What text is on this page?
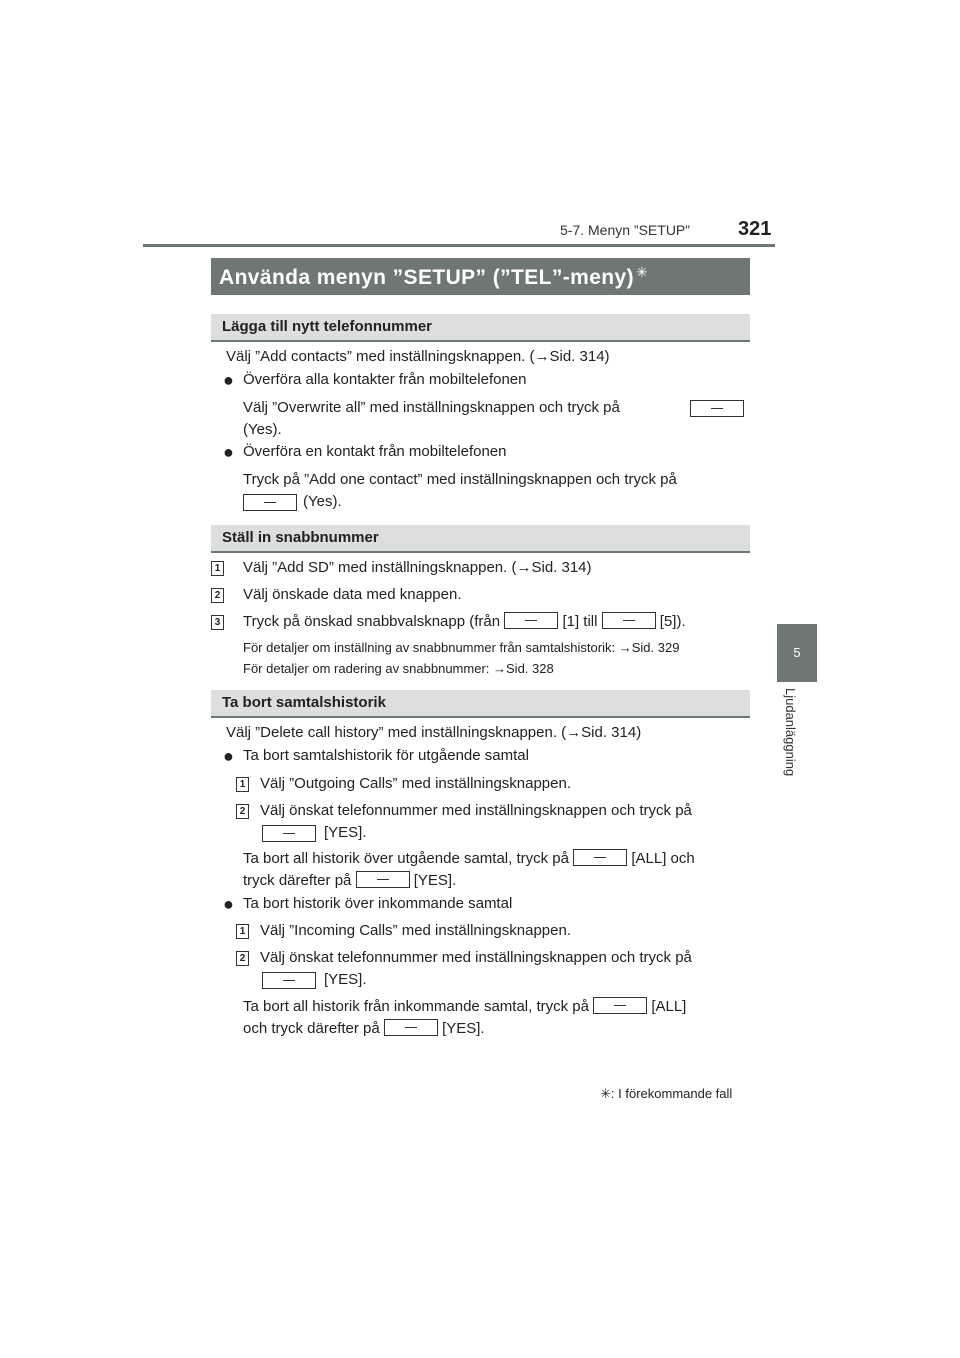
5-7. Menyn ”SETUP” 321
5
Ljudanläggning
Använda menyn ”SETUP” (”TEL”-meny) ✳
Lägga till nytt telefonnummer
Välj ”Add contacts” med inställningsknappen. (→Sid. 314)
● Överföra alla kontakter från mobiltelefonen
Välj ”Overwrite all” med inställningsknappen och tryck på
(Yes).
● Överföra en kontakt från mobiltelefonen
Tryck på ”Add one contact” med inställningsknappen och tryck på
(Yes).
Ställ in snabbnummer
1 Välj ”Add SD” med inställningsknappen. (→Sid. 314)
2 Välj önskade data med knappen.
3 Tryck på önskad snabbvalsknapp (från	[1] till	[5]).
För detaljer om inställning av snabbnummer från samtalshistorik: →Sid. 329
För detaljer om radering av snabbnummer: →Sid. 328
Ta bort samtalshistorik
Välj ”Delete call history” med inställningsknappen. (→Sid. 314)
● Ta bort samtalshistorik för utgående samtal
1 Välj ”Outgoing Calls” med inställningsknappen.
2 Välj önskat telefonnummer med inställningsknappen och tryck på
[YES].
Ta bort all historik över utgående samtal, tryck på	[ALL] och
tryck därefter på	[YES].
● Ta bort historik över inkommande samtal
1 Välj ”Incoming Calls” med inställningsknappen.
2 Välj önskat telefonnummer med inställningsknappen och tryck på
[YES].
Ta bort all historik från inkommande samtal, tryck på	[ALL]
och tryck därefter på	[YES].
✳: I förekommande fall
